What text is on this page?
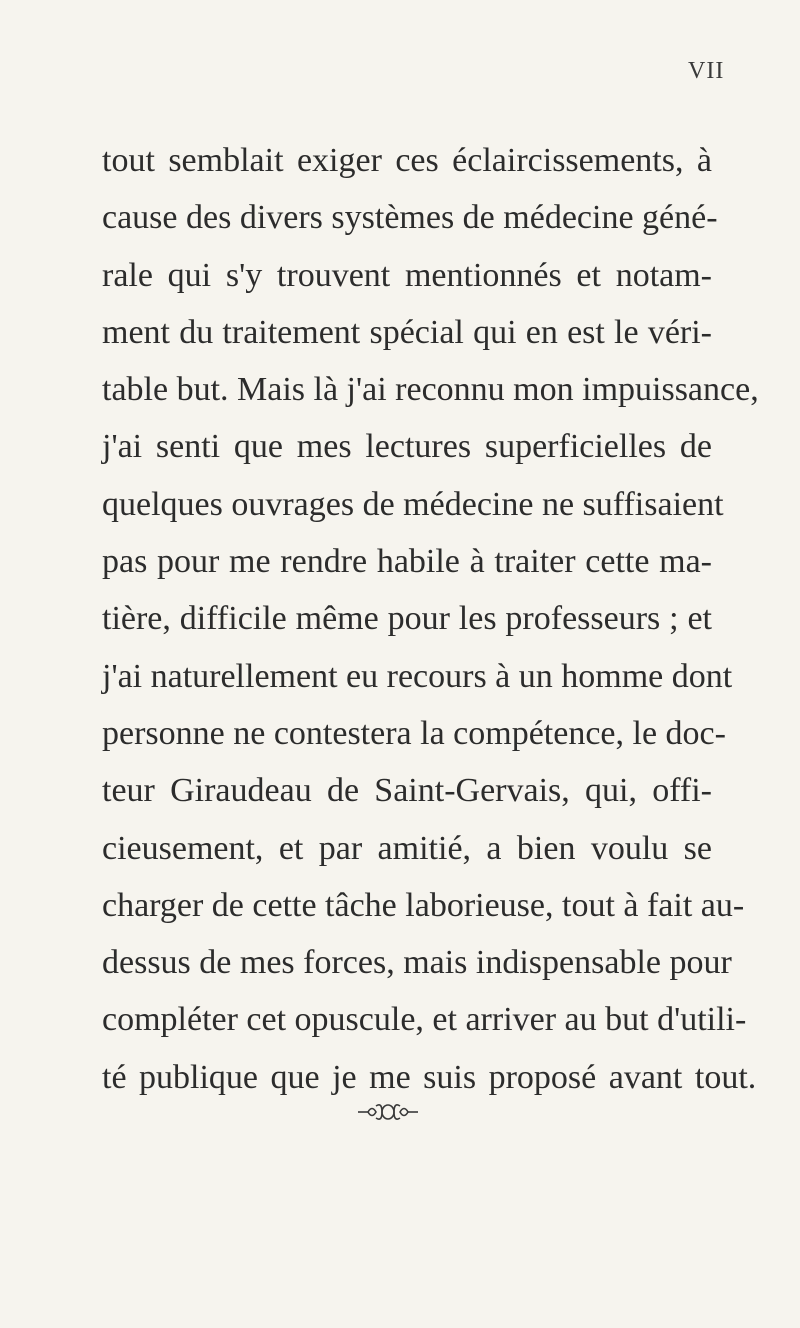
VII
tout semblait exiger ces éclaircissements, à
cause des divers systèmes de médecine géné-
rale qui s'y trouvent mentionnés et notam-
ment du traitement spécial qui en est le véri-
table but. Mais là j'ai reconnu mon impuissance,
j'ai senti que mes lectures superficielles de
quelques ouvrages de médecine ne suffisaient
pas pour me rendre habile à traiter cette ma-
tière, difficile même pour les professeurs ; et
j'ai naturellement eu recours à un homme dont
personne ne contestera la compétence, le doc-
teur Giraudeau de Saint-Gervais, qui, offi-
cieusement, et par amitié, a bien voulu se
charger de cette tâche laborieuse, tout à fait au-
dessus de mes forces, mais indispensable pour
compléter cet opuscule, et arriver au but d'utili-
té publique que je me suis proposé avant tout.
